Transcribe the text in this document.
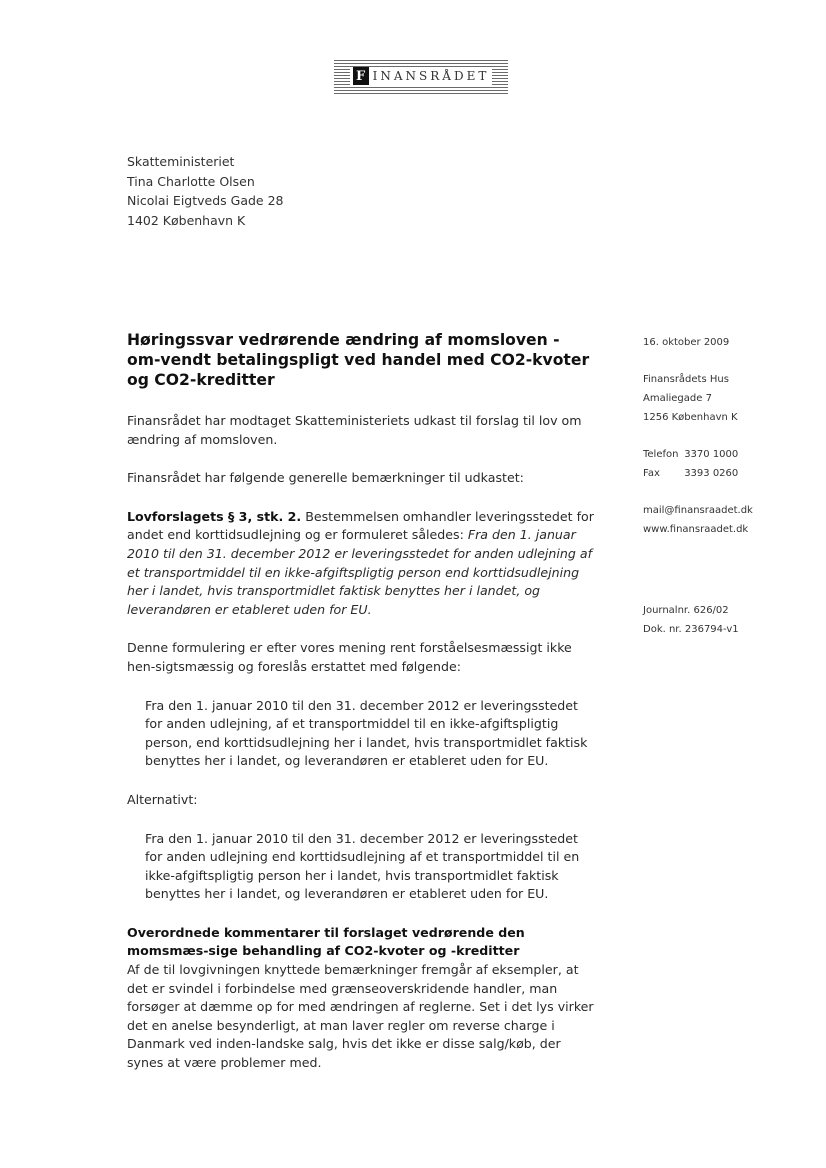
F INANSRÅDET
Skatteministeriet
Tina Charlotte Olsen
Nicolai Eigtveds Gade 28
1402 København K
Høringssvar vedrørende ændring af momsloven - om-vendt betalingspligt ved handel med CO2-kvoter og CO2-kreditter

Finansrådet har modtaget Skatteministeriets udkast til forslag til lov om ændring af momsloven.

Finansrådet har følgende generelle bemærkninger til udkastet:

Lovforslagets § 3, stk. 2. Bestemmelsen omhandler leveringsstedet for andet end korttidsudlejning og er formuleret således: Fra den 1. januar 2010 til den 31. december 2012 er leveringsstedet for anden udlejning af et transportmiddel til en ikke-afgiftspligtig person end korttidsudlejning her i landet, hvis transportmidlet faktisk benyttes her i landet, og leverandøren er etableret uden for EU.

Denne formulering er efter vores mening rent forståelsesmæssigt ikke hen-sigtsmæssig og foreslås erstattet med følgende:

Fra den 1. januar 2010 til den 31. december 2012 er leveringsstedet for anden udlejning, af et transportmiddel til en ikke-afgiftspligtig person, end korttidsudlejning her i landet, hvis transportmidlet faktisk benyttes her i landet, og leverandøren er etableret uden for EU.
Alternativt:
Fra den 1. januar 2010 til den 31. december 2012 er leveringsstedet for anden udlejning end korttidsudlejning af et transportmiddel til en ikke-afgiftspligtig person her i landet, hvis transportmidlet faktisk benyttes her i landet, og leverandøren er etableret uden for EU.
Overordnede kommentarer til forslaget vedrørende den momsmæs-sige behandling af CO2-kvoter og -kreditter
Af de til lovgivningen knyttede bemærkninger fremgår af eksempler, at det er svindel i forbindelse med grænseoverskridende handler, man forsøger at dæmme op for med ændringen af reglerne. Set i det lys virker det en anelse besynderligt, at man laver regler om reverse charge i Danmark ved inden-landske salg, hvis det ikke er disse salg/køb, der synes at være problemer med.
16. oktober 2009
Finansrådets Hus
Amaliegade 7
1256 København K
Telefon 3370 1000
Fax 3393 0260
mail@finansraadet.dk
www.finansraadet.dk
Journalnr. 626/02
Dok. nr. 236794-v1
